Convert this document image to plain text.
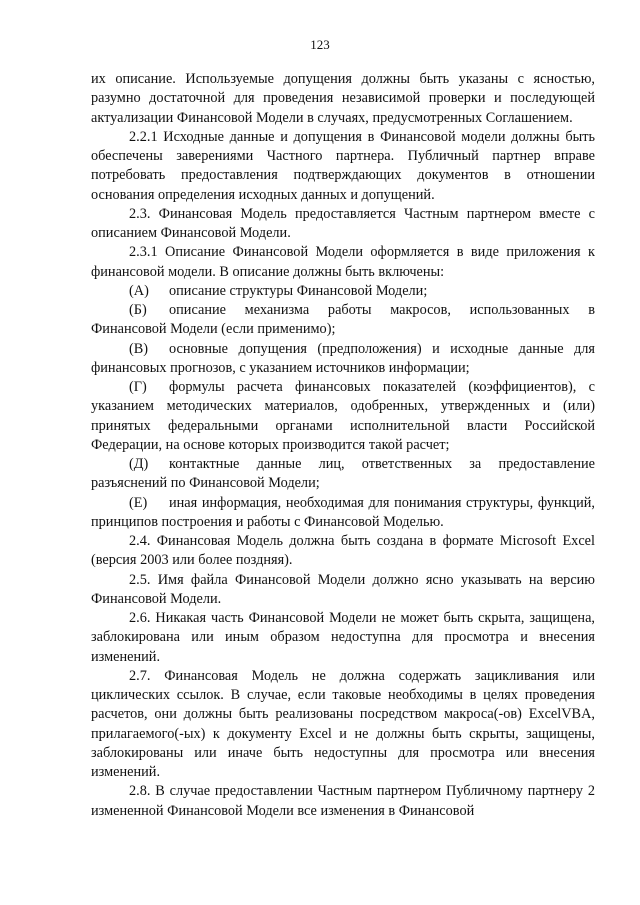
123

их описание. Используемые допущения должны быть указаны с ясностью, разумно достаточной для проведения независимой проверки и последующей актуализации Финансовой Модели в случаях, предусмотренных Соглашением.

2.2.1 Исходные данные и допущения в Финансовой модели должны быть обеспечены заверениями Частного партнера. Публичный партнер вправе потребовать предоставления подтверждающих документов в отношении основания определения исходных данных и допущений.

2.3. Финансовая Модель предоставляется Частным партнером вместе с описанием Финансовой Модели.

2.3.1 Описание Финансовой Модели оформляется в виде приложения к финансовой модели. В описание должны быть включены:

(А) описание структуры Финансовой Модели;

(Б) описание механизма работы макросов, использованных в Финансовой Модели (если применимо);

(В) основные допущения (предположения) и исходные данные для финансовых прогнозов, с указанием источников информации;

(Г) формулы расчета финансовых показателей (коэффициентов), с указанием методических материалов, одобренных, утвержденных и (или) принятых федеральными органами исполнительной власти Российской Федерации, на основе которых производится такой расчет;

(Д) контактные данные лиц, ответственных за предоставление разъяснений по Финансовой Модели;

(Е) иная информация, необходимая для понимания структуры, функций, принципов построения и работы с Финансовой Моделью.

2.4. Финансовая Модель должна быть создана в формате Microsoft Excel (версия 2003 или более поздняя).

2.5. Имя файла Финансовой Модели должно ясно указывать на версию Финансовой Модели.

2.6. Никакая часть Финансовой Модели не может быть скрыта, защищена, заблокирована или иным образом недоступна для просмотра и внесения изменений.

2.7. Финансовая Модель не должна содержать зацикливания или циклических ссылок. В случае, если таковые необходимы в целях проведения расчетов, они должны быть реализованы посредством макроса(-ов) ExcelVBA, прилагаемого(-ых) к документу Excel и не должны быть скрыты, защищены, заблокированы или иначе быть недоступны для просмотра или внесения изменений.

2.8. В случае предоставлении Частным партнером Публичному партнеру 2 измененной Финансовой Модели все изменения в Финансовой
